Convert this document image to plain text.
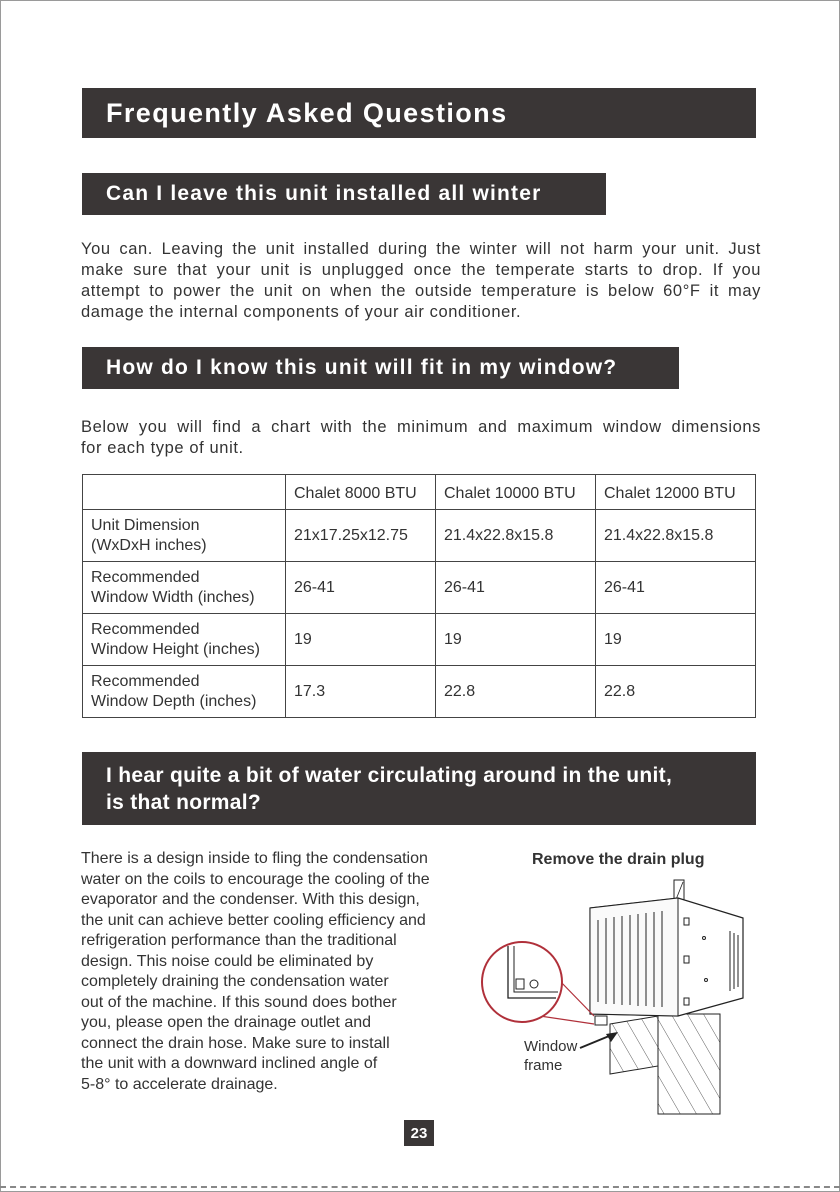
Frequently Asked Questions
Can I leave this unit installed all winter
You can. Leaving the unit installed during the winter will not harm your unit. Just
make sure that your unit is unplugged once the temperate starts to drop. If you
attempt to power the unit on when the outside temperature is below 60°F it may
damage the internal components of your air conditioner.
How do I know this unit will fit in my window?
Below you will find a chart with the minimum and maximum window dimensions
for each type of unit.
	Chalet 8000 BTU	Chalet 10000 BTU	Chalet 12000 BTU
Unit Dimension
(WxDxH inches)	21x17.25x12.75	21.4x22.8x15.8	21.4x22.8x15.8
Recommended
Window Width (inches)	26-41	26-41	26-41
Recommended
Window Height (inches)	19	19	19
Recommended
Window Depth (inches)	17.3	22.8	22.8
I hear quite a bit of water circulating around in the unit,
is that normal?
There is a design inside to fling the condensation
water on the coils to encourage the cooling of the
evaporator and the condenser. With this design,
the unit can achieve better cooling efficiency and
refrigeration performance than the traditional
design. This noise could be eliminated by
completely draining the condensation water
out of the machine. If this sound does bother
you, please open the drainage outlet and
connect the drain hose. Make sure to install
the unit with a downward inclined angle of
5-8° to accelerate drainage.
Remove the drain plug
Window
frame
23
